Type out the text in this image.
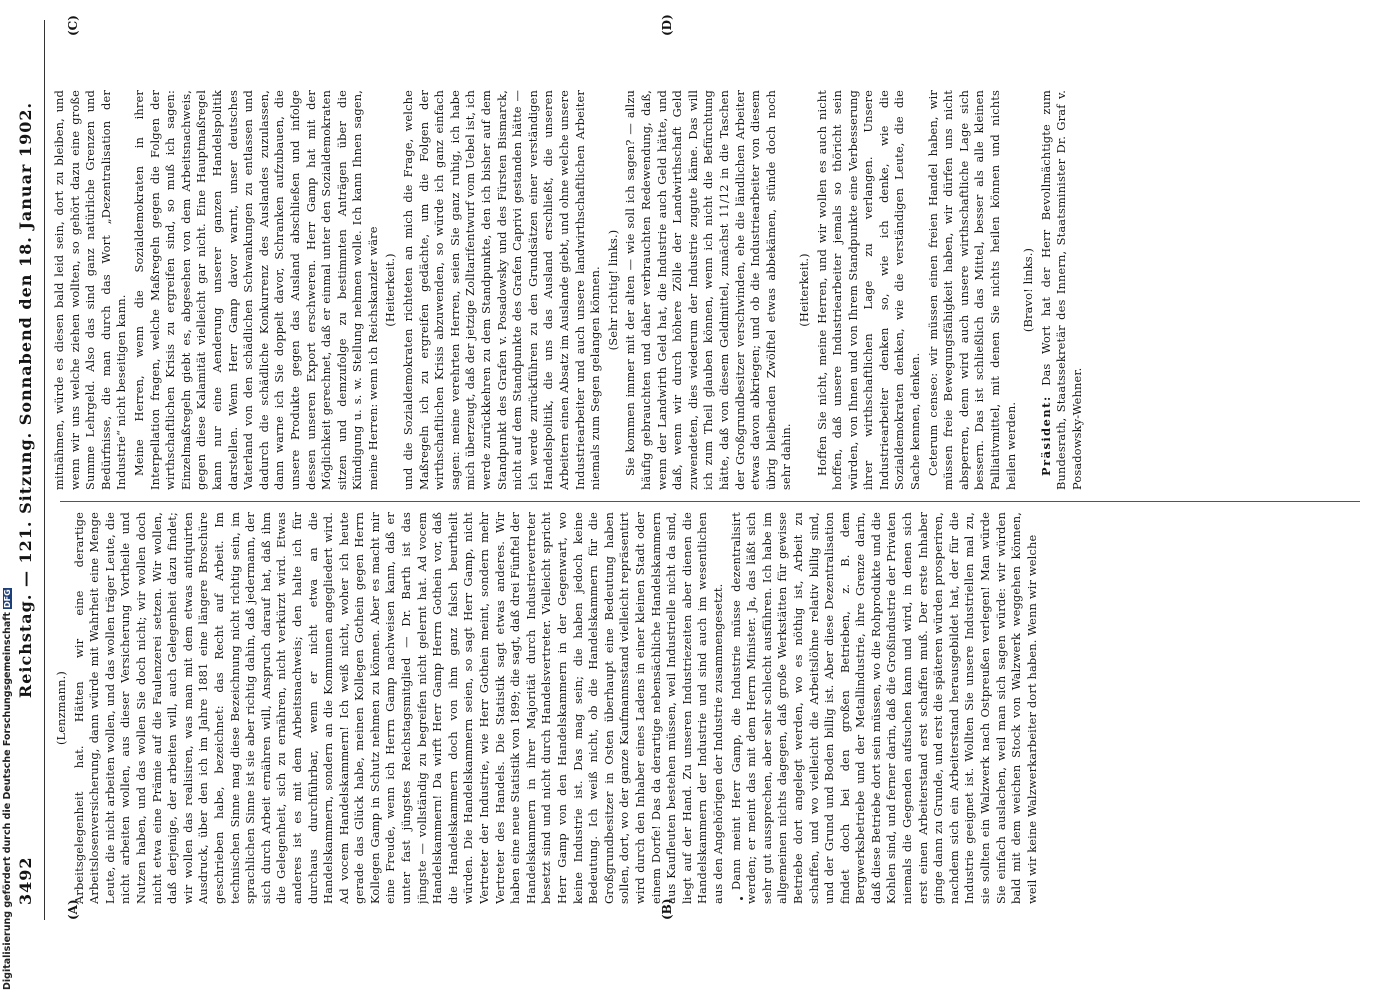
Digitalisierung gefördert durch die Deutsche Forschungsgemeinschaft DFG
3492
Reichstag. — 121. Sitzung. Sonnabend den 18. Januar 1902.
(A)	(B)
(C)	(D)

(Lenzmann.) Arbeitsgelegenheit hat. Hätten wir eine derartige Arbeitslosenversicherung, dann würde mit Wahrheit eine Menge Leute, die nicht arbeiten wollen, und das wollen träger Leute, die nicht arbeiten wollen, aus dieser Versicherung Vortheile und Nutzen haben, und das wollen Sie doch nicht; wir wollen doch nicht etwa eine Prämie auf die Faulenzerei setzen. Wir wollen, daß derjenige, der arbeiten will, auch Gelegenheit dazu findet; wir wollen das realisiren, was man mit dem etwas antiquirten Ausdruck, über den ich im Jahre 1881 eine längere Broschüre geschrieben habe, bezeichnet: das Recht auf Arbeit. Im technischen Sinne mag diese Bezeichnung nicht richtig sein, im sprachlichen Sinne ist sie aber richtig dahin, daß jedermann, der sich durch Arbeit ernähren will, Anspruch darauf hat, daß ihm die Gelegenheit, sich zu ernähren, nicht verkürzt wird. Etwas anderes ist es mit dem Arbeitsnachweis; den halte ich für durchaus durchführbar, wenn er nicht etwa an die Handelskammern, sondern an die Kommunen angegliedert wird. Ad vocem Handelskammern! Ich weiß nicht, woher ich heute gerade das Glück habe, meinen Kollegen Gothein gegen Herrn Kollegen Gamp in Schutz nehmen zu können. Aber es macht mir eine Freude, wenn ich Herrn Gamp nachweisen kann, daß er unter fast jüngstes Reichstagsmitglied — Dr. Barth ist das jüngste — vollständig zu begreifen nicht gelernt hat. Ad vocem Handelskammern! Da wirft Herr Gamp Herrn Gothein vor, daß die Handelskammern doch von ihm ganz falsch beurtheilt würden. Die Handelskammern seien, so sagt Herr Gamp, nicht Vertreter der Industrie, wie Herr Gothein meint, sondern mehr Vertreter des Handels. Die Statistik sagt etwas anderes. Wir haben eine neue Statistik von 1899; die sagt, daß drei Fünftel der Handelskammern in ihrer Majorität durch Industrievertreter besetzt sind und nicht durch Handelsvertreter. Vielleicht spricht Herr Gamp von den Handelskammern in der Gegenwart, wo keine Industrie ist. Das mag sein; die haben jedoch keine Bedeutung. Ich weiß nicht, ob die Handelskammern für die Großgrundbesitzer in Osten überhaupt eine Bedeutung haben sollen, dort, wo der ganze Kaufmannsstand vielleicht repräsentirt wird durch den Inhaber eines Ladens in einer kleinen Stadt oder einem Dorfe! Das da derartige nebensächliche Handelskammern aus Kaufleuten bestehen müssen, weil Industrielle nicht da sind, liegt auf der Hand. Zu unseren Industriezeiten aber dienen die Handelskammern der Industrie und sind auch im wesentlichen aus den Angehörigen der Industrie zusammengesetzt. Dann meint Herr Gamp, die Industrie müsse dezentralisirt werden; er meint das mit dem Herrn Minister. Ja, das läßt sich sehr gut aussprechen, aber sehr schlecht ausführen. Ich habe im allgemeinen nichts dagegen, daß große Werkstätten für gewisse Betriebe dort angelegt werden, wo es nöthig ist, Arbeit zu schaffen, und wo vielleicht die Arbeitslöhne relativ billig sind, und der Grund und Boden billig ist. Aber diese Dezentralisation findet doch bei den großen Betrieben, z. B. dem Bergwerksbetriebe und der Metallindustrie, ihre Grenze darin, daß diese Betriebe dort sein müssen, wo die Rohprodukte und die Kohlen sind, und ferner darin, daß die Großindustrie der Privaten niemals die Gegenden aufsuchen kann und wird, in denen sich erst einen Arbeiterstand erst schaffen muß. Der erste Inhaber ginge dann zu Grunde, und erst die späteren würden prosperiren, nachdem sich ein Arbeiterstand herausgebildet hat, der für die Industrie geeignet ist. Wollten Sie unsere Industriellen mal zu, sie sollten ein Walzwerk nach Ostpreußen verlegen! Man würde Sie einfach auslachen, weil man sich sagen würde: wir würden bald mit dem weichen Stock von Walzwerk weggehen können, weil wir keine Walzwerkarbeiter dort haben. Wenn wir welche

mitnähmen, würde es diesen bald leid sein, dort zu bleiben, und wenn wir uns welche ziehen wollten, so gehört dazu eine große Summe Lehrgeld. Also das sind ganz natürliche Grenzen und Bedürfnisse, die man durch das Wort „Dezentralisation der Industrie“ nicht beseitigen kann. Meine Herren, wenn die Sozialdemokraten in ihrer Interpellation fragen, welche Maßregeln gegen die Folgen der wirthschaftlichen Krisis zu ergreifen sind, so muß ich sagen: Einzelmaßregeln giebt es, abgesehen von dem Arbeitsnachweis, gegen diese Kalamität vielleicht gar nicht. Eine Hauptmaßregel kann nur eine Aenderung unserer ganzen Handelspolitik darstellen. Wenn Herr Gamp davor warnt, unser deutsches Vaterland von den schädlichen Schwankungen zu entlassen und dadurch die schädliche Konkurrenz des Auslandes zuzulassen, dann warne ich Sie doppelt davor, Schranken aufzubauen, die unsere Produkte gegen das Ausland abschließen und infolge dessen unseren Export erschweren. Herr Gamp hat mit der Möglichkeit gerechnet, daß er einmal unter den Sozialdemokraten sitzen und demzufolge zu bestimmten Anträgen über die Kündigung u. s. w. Stellung nehmen wolle. Ich kann Ihnen sagen, meine Herren: wenn ich Reichskanzler wäre (Heiterkeit.) und die Sozialdemokraten richteten an mich die Frage, welche Maßregeln ich zu ergreifen gedächte, um die Folgen der wirthschaftlichen Krisis abzuwenden, so würde ich ganz einfach sagen: meine verehrten Herren, seien Sie ganz ruhig, ich habe mich überzeugt, daß der jetzige Zolltarifentwurf vom Uebel ist, ich werde zurückkehren zu dem Standpunkte, den ich bisher auf dem Standpunkt des Grafen v. Posadowsky und des Fürsten Bismarck, nicht auf dem Standpunkte des Grafen Caprivi gestanden hätte — ich werde zurückführen zu den Grundsätzen einer verständigen Handelspolitik, die uns das Ausland erschließt, die unseren Arbeitern einen Absatz im Auslande giebt, und ohne welche unsere Industriearbeiter und auch unsere landwirthschaftlichen Arbeiter niemals zum Segen gelangen können. (Sehr richtig! links.) Sie kommen immer mit der alten — wie soll ich sagen? — allzu häufig gebrauchten und daher verbrauchten Redewendung, daß, wenn der Landwirth Geld hat, die Industrie auch Geld hätte, und daß, wenn wir durch höhere Zölle der Landwirthschaft Geld zuwendeten, dies wiederum der Industrie zugute käme. Das will ich zum Theil glauben können, wenn ich nicht die Befürchtung hätte, daß von diesem Geldmittel, zunächst 11/12 in die Taschen der Großgrundbesitzer verschwinden, ehe die ländlichen Arbeiter etwas davon abkriegen; und ob die Industriearbeiter von diesem übrig bleibenden Zwölftel etwas abbekämen, stünde doch noch sehr dahin.

(Heiterkeit.) Hoffen Sie nicht, meine Herren, und wir wollen es auch nicht hoffen, daß unsere Industriearbeiter jemals so thöricht sein würden, von Ihnen und von Ihrem Standpunkte eine Verbesserung ihrer wirthschaftlichen Lage zu verlangen. Unsere Industriearbeiter denken so, wie ich denke, wie die Sozialdemokraten denken, wie die verständigen Leute, die die Sache kennen, denken. Ceterum censeo: wir müssen einen freien Handel haben, wir müssen freie Bewegungsfähigkeit haben, wir dürfen uns nicht absperren, denn wird auch unsere wirthschaftliche Lage sich bessern. Das ist schließlich das Mittel, besser als alle kleinen Palliativmittel, mit denen Sie nichts heilen können und nichts heilen werden.

(Bravo! links.)

Präsident: Das Wort hat der Herr Bevollmächtigte zum Bundesrath, Staatssekretär des Innern, Staatsminister Dr. Graf v. Posadowsky-Wehner.
